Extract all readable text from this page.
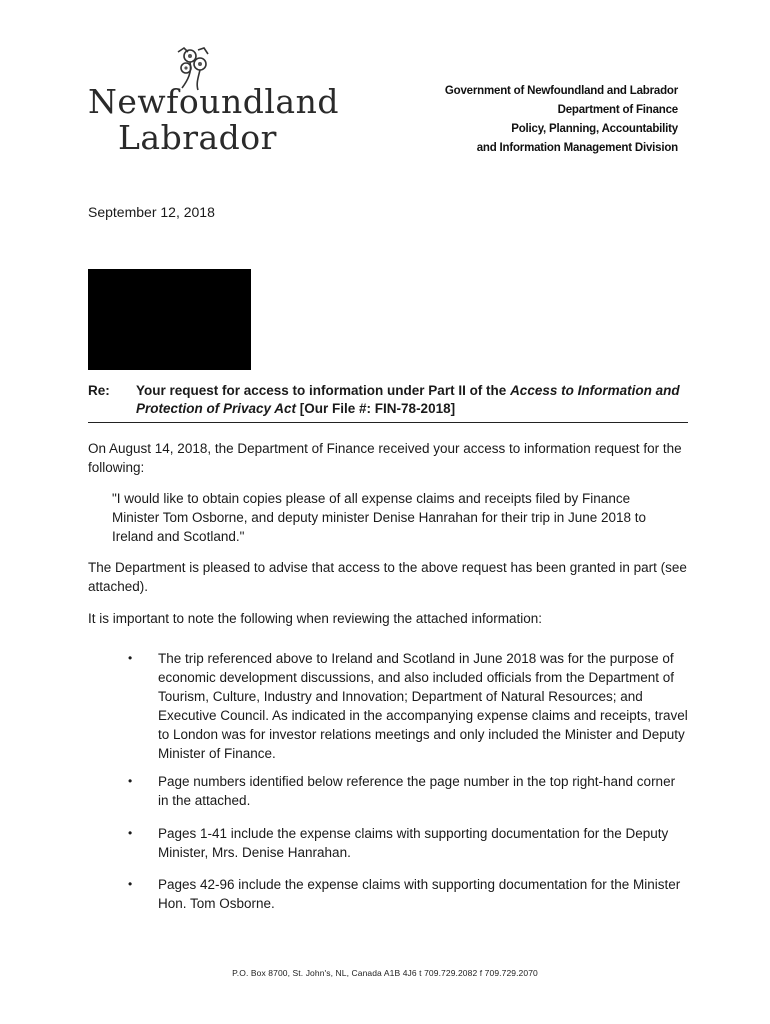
Newfoundland
Labrador
Government of Newfoundland and Labrador
Department of Finance
Policy, Planning, Accountability
and Information Management Division
September 12, 2018
Re: Your request for access to information under Part II of the Access to Information and Protection of Privacy Act [Our File #: FIN-78-2018]
On August 14, 2018, the Department of Finance received your access to information request for the following:
"I would like to obtain copies please of all expense claims and receipts filed by Finance Minister Tom Osborne, and deputy minister Denise Hanrahan for their trip in June 2018 to Ireland and Scotland."
The Department is pleased to advise that access to the above request has been granted in part (see attached).
It is important to note the following when reviewing the attached information:
• The trip referenced above to Ireland and Scotland in June 2018 was for the purpose of economic development discussions, and also included officials from the Department of Tourism, Culture, Industry and Innovation; Department of Natural Resources; and Executive Council. As indicated in the accompanying expense claims and receipts, travel to London was for investor relations meetings and only included the Minister and Deputy Minister of Finance.
• Page numbers identified below reference the page number in the top right-hand corner in the attached.
• Pages 1-41 include the expense claims with supporting documentation for the Deputy Minister, Mrs. Denise Hanrahan.
• Pages 42-96 include the expense claims with supporting documentation for the Minister Hon. Tom Osborne.
P.O. Box 8700, St. John's, NL, Canada A1B 4J6 t 709.729.2082 f 709.729.2070
